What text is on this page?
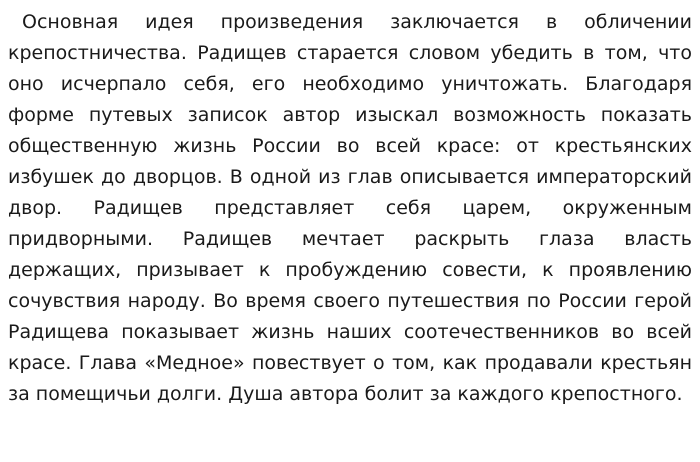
Основная идея произведения заключается в обличении крепостничества. Радищев старается словом убедить в том, что оно исчерпало себя, его необходимо уничтожать. Благодаря форме путевых записок автор изыскал возможность показать общественную жизнь России во всей красе: от крестьянских избушек до дворцов. В одной из глав описывается императорский двор. Радищев представляет себя царем, окруженным придворными. Радищев мечтает раскрыть глаза власть держащих, призывает к пробуждению совести, к проявлению сочувствия народу. Во время своего путешествия по России герой Радищева показывает жизнь наших соотечественников во всей красе. Глава «Медное» повествует о том, как продавали крестьян за помещичьи долги. Душа автора болит за каждого крепостного.
